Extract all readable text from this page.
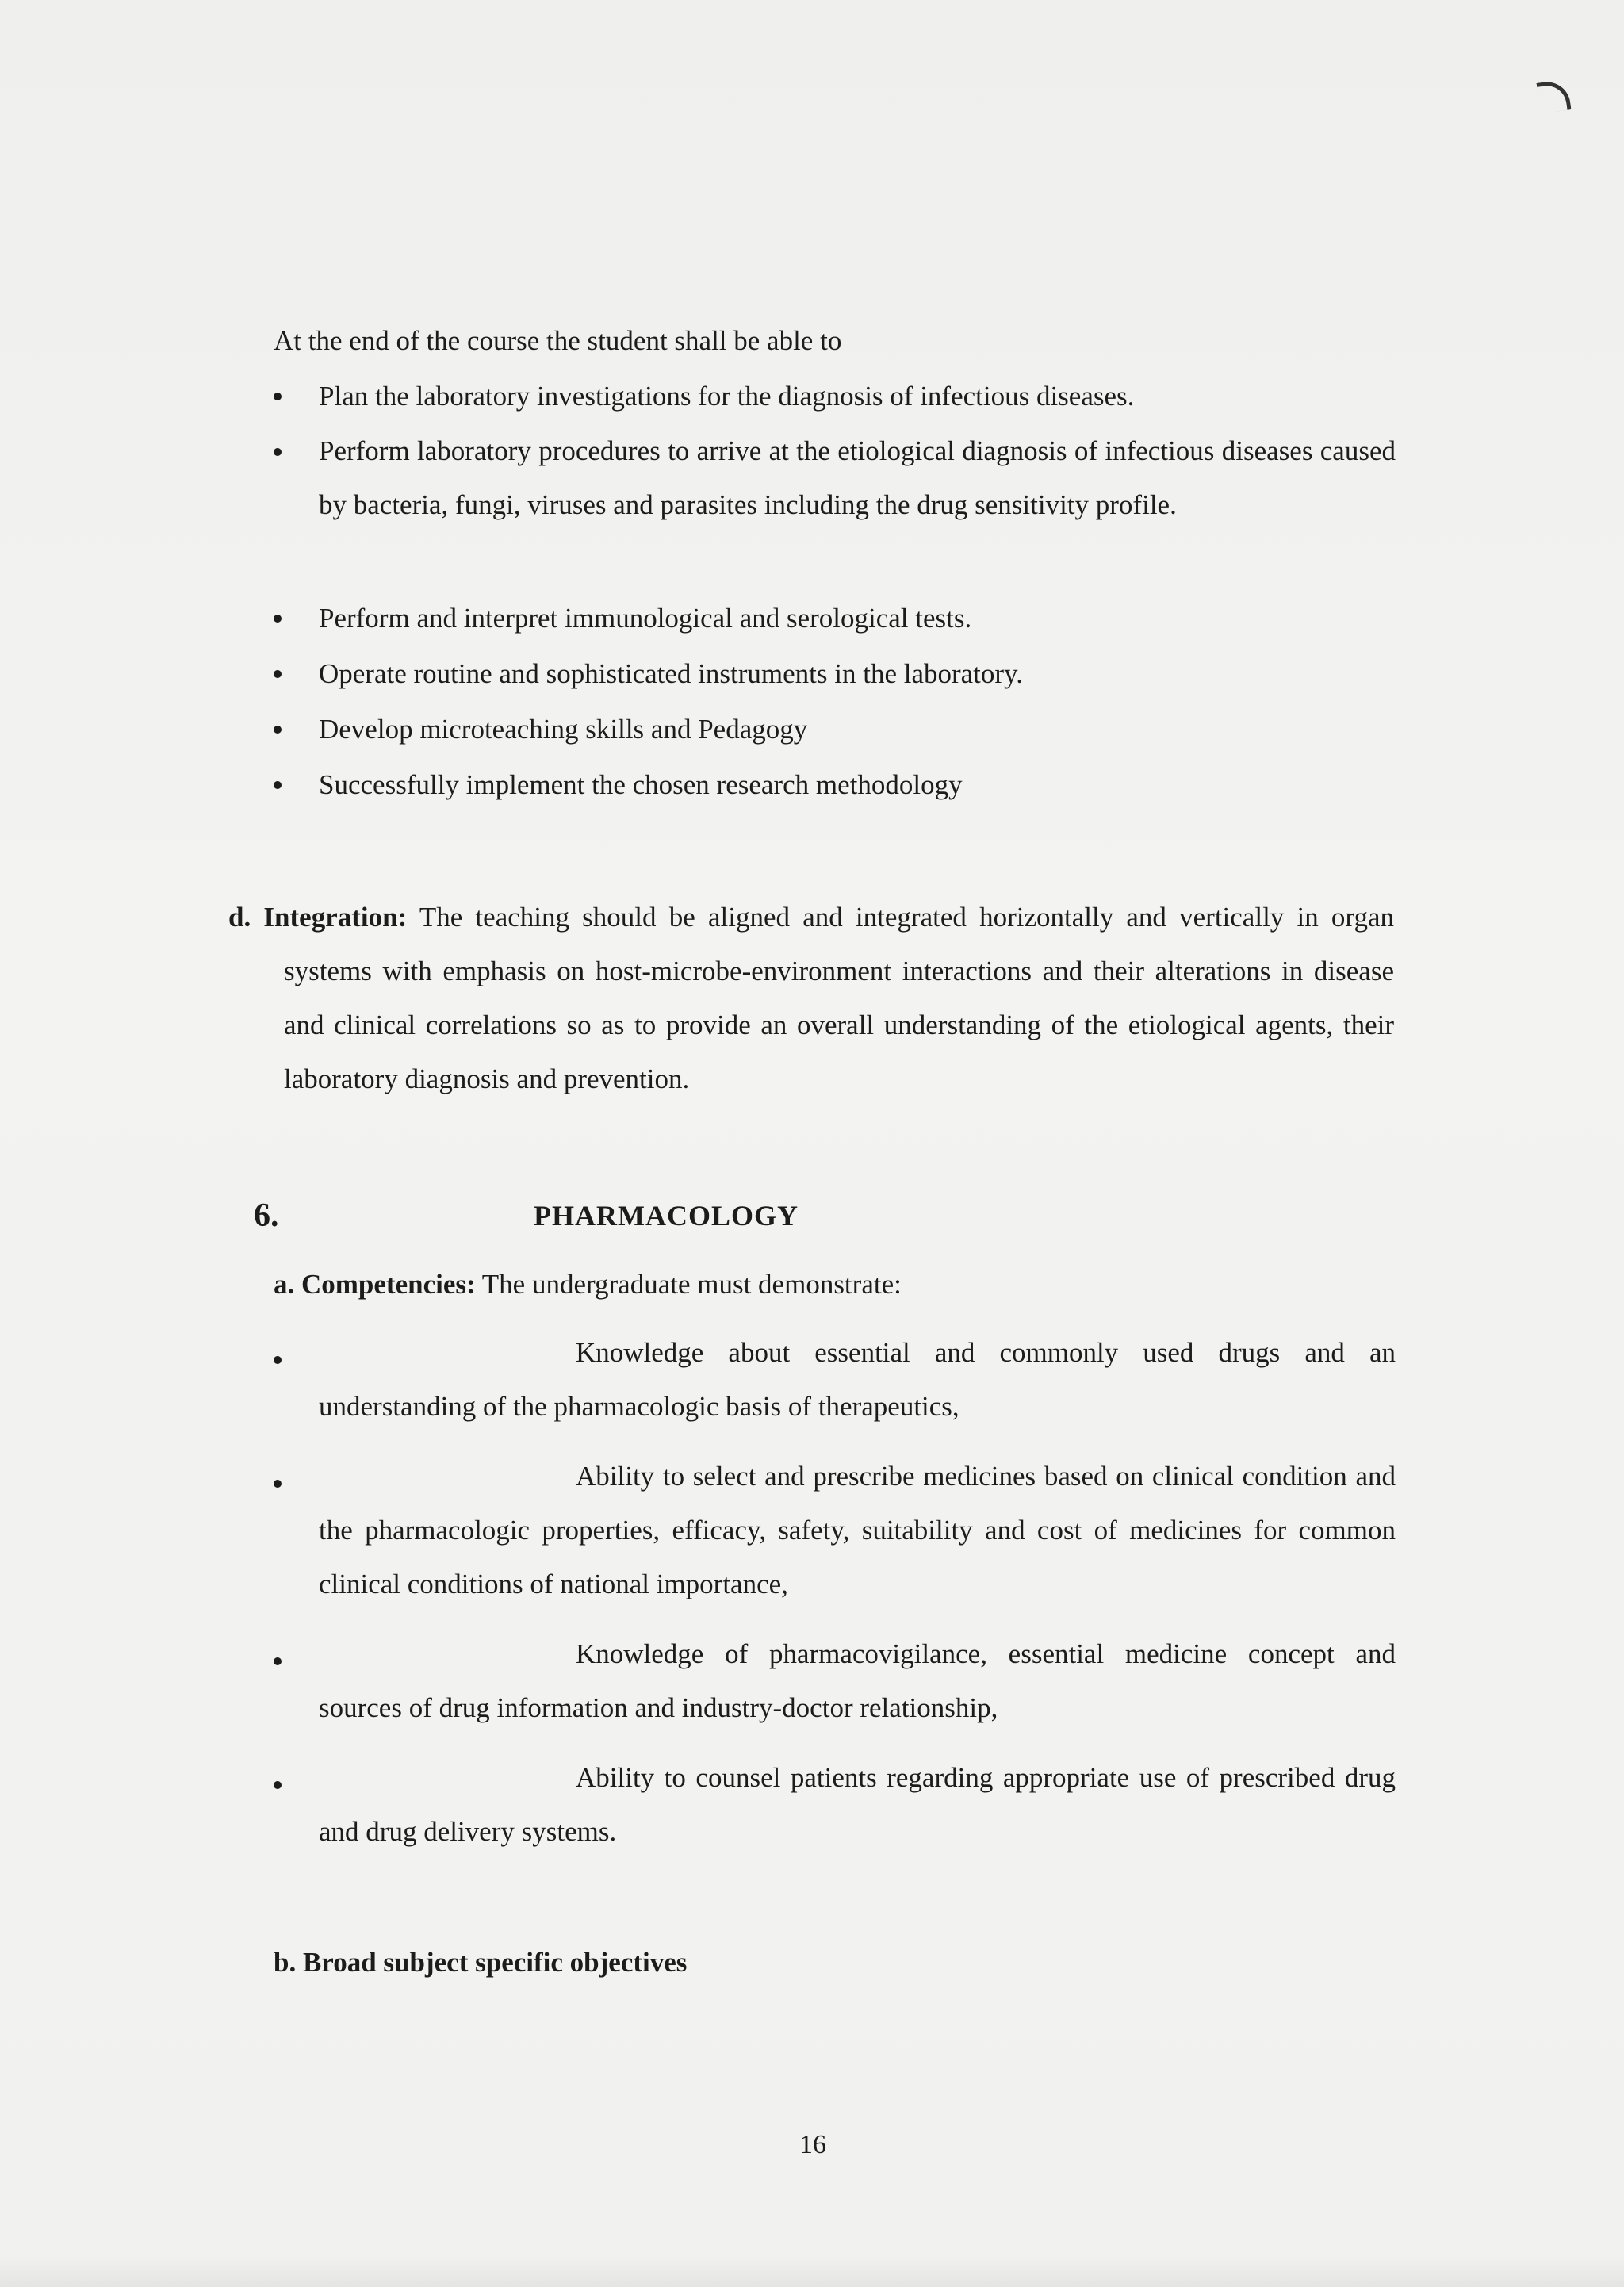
At the end of the course the student shall be able to
Plan the laboratory investigations for the diagnosis of infectious diseases.
Perform laboratory procedures to arrive at the etiological diagnosis of infectious diseases caused by bacteria, fungi, viruses and parasites including the drug sensitivity profile.
Perform and interpret immunological and serological tests.
Operate routine and sophisticated instruments in the laboratory.
Develop microteaching skills and Pedagogy
Successfully implement the chosen research methodology
d. Integration: The teaching should be aligned and integrated horizontally and vertically in organ systems with emphasis on host-microbe-environment interactions and their alterations in disease and clinical correlations so as to provide an overall understanding of the etiological agents, their laboratory diagnosis and prevention.
6.	PHARMACOLOGY
a. Competencies: The undergraduate must demonstrate:
Knowledge about essential and commonly used drugs and an understanding of the pharmacologic basis of therapeutics,
Ability to select and prescribe medicines based on clinical condition and the pharmacologic properties, efficacy, safety, suitability and cost of medicines for common clinical conditions of national importance,
Knowledge of pharmacovigilance, essential medicine concept and sources of drug information and industry-doctor relationship,
Ability to counsel patients regarding appropriate use of prescribed drug and drug delivery systems.
b. Broad subject specific objectives
16
